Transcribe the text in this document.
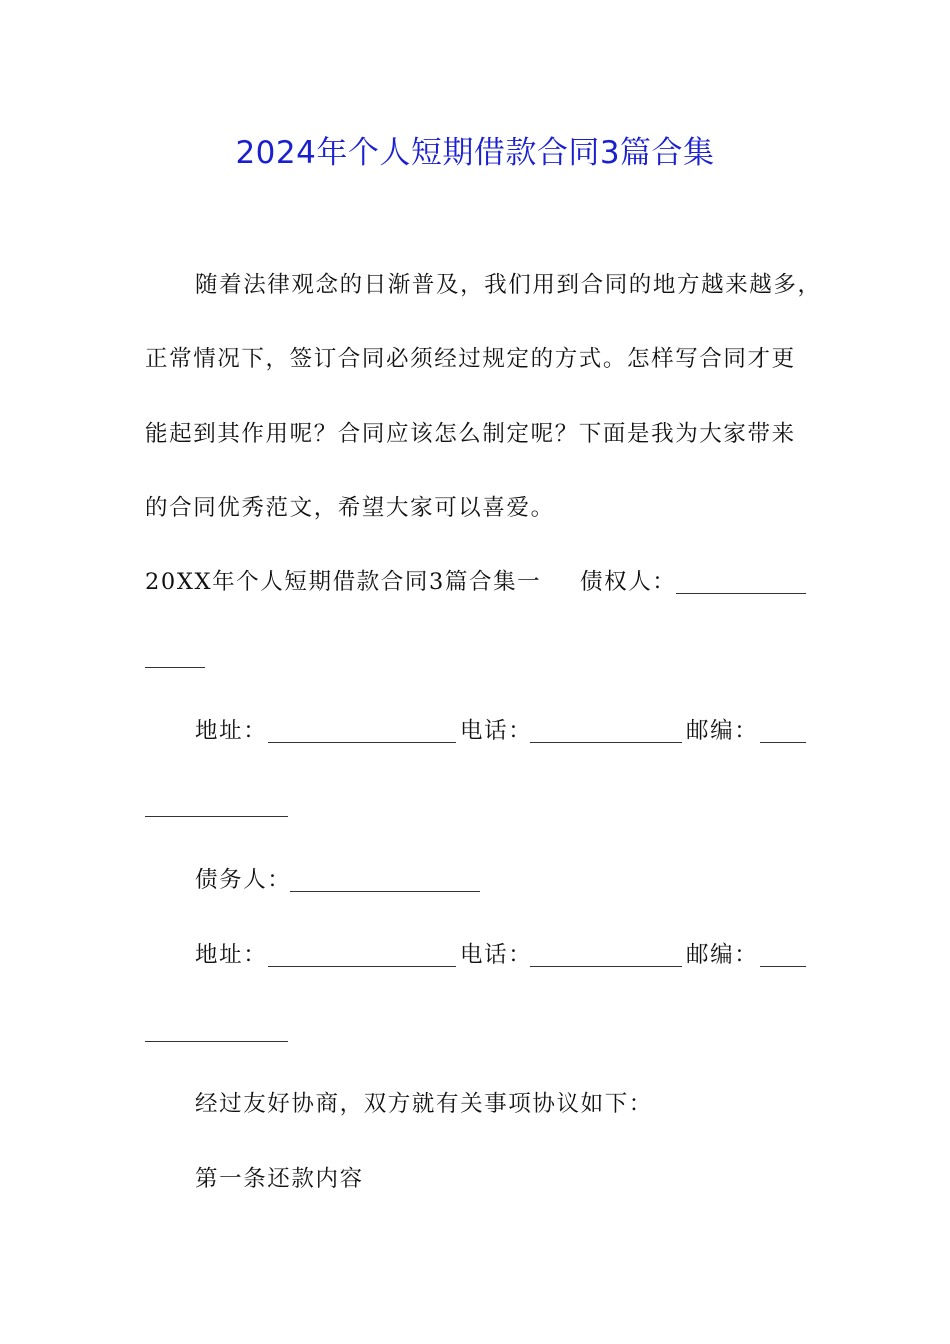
2024年个人短期借款合同3篇合集
随着法律观念的日渐普及，我们用到合同的地方越来越多，
正常情况下，签订合同必须经过规定的方式。怎样写合同才更
能起到其作用呢？合同应该怎么制定呢？下面是我为大家带来
的合同优秀范文，希望大家可以喜爱。
20XX年个人短期借款合同3篇合集一 债权人：
地址：	电话：	邮编：
债务人：
地址：	电话：	邮编：
经过友好协商，双方就有关事项协议如下：
第一条还款内容
